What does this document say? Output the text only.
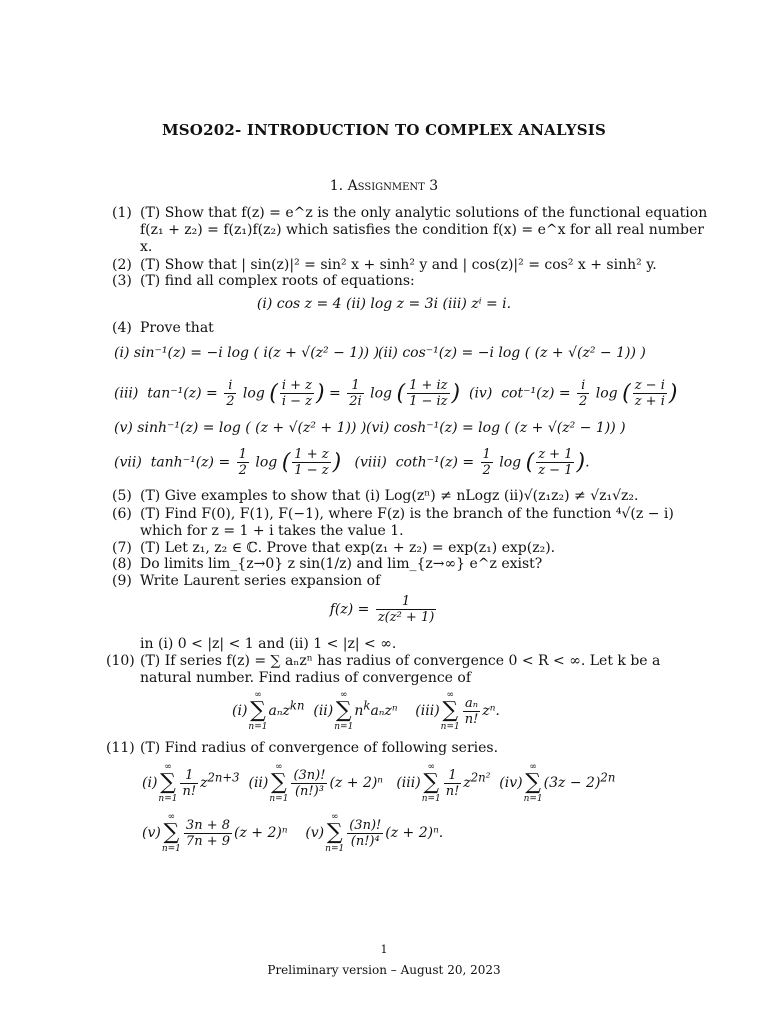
MSO202- INTRODUCTION TO COMPLEX ANALYSIS
1. Assignment 3
(1) (T) Show that f(z) = e^z is the only analytic solutions of the functional equation
f(z₁ + z₂) = f(z₁)f(z₂) which satisfies the condition f(x) = e^x for all real number
x.
(2) (T) Show that | sin(z)|² = sin² x + sinh² y and | cos(z)|² = cos² x + sinh² y.
(3) (T) find all complex roots of equations:
(i) cos z = 4 (ii) log z = 3i (iii) zⁱ = i.
(4) Prove that
(i) sin⁻¹(z) = −i log ( i(z + √(z² − 1)) )
(ii) cos⁻¹(z) = −i log ( (z + √(z² − 1)) )
(iii)  $\tan^{-1}(z) = \frac{i}{2}$ log ( $\frac{i + z}{i - z}$ ) = $\frac{1}{2i}$ log ( $\frac{1 + iz}{1 - iz}$ )  (iv)  $\cot^{-1}(z) = \frac{i}{2}$ log ( $\frac{z - i}{z + i}$ )
(v) sinh⁻¹(z) = log ( (z + √(z² + 1)) ) (vi) cosh⁻¹(z) = log ( (z + √(z² − 1)) )
(vii)  $\tanh^{-1}(z) = \frac{1}{2}$ log ( $\frac{1 + z}{1 - z}$ )   (viii)  $\cot h^{-1}(z) = \frac{1}{2}$ log ( $\frac{z + 1}{z - 1}$ ).
(5) (T) Give examples to show that (i) Log(zⁿ) ≠ nLogz (ii)√(z₁z₂) ≠ √z₁√z₂.
(6) (T) Find F(0), F(1), F(−1), where F(z) is the branch of the function ⁴√(z − i)
which for z = 1 + i takes the value 1.
(7) (T) Let z₁, z₂ ∈ ℂ. Prove that exp(z₁ + z₂) = exp(z₁) exp(z₂).
(8) Do limits lim_{z→0} z sin(1/z) and lim_{z→∞} e^z exist?
(9) Write Laurent series expansion of
$f(z) = \frac{1}{\text{z(z² + 1)}}$
in (i) 0 < |z| < 1 and (ii) 1 < |z| < ∞.
(10) (T) If series f(z) = ∑ aₙzⁿ has radius of convergence 0 < R < ∞. Let k be a
natural number. Find radius of convergence of
(i)
∞
∑
n=1
aₙz$^{kn}$  (ii)
∞
∑
n=1
$n^ka_nz^n$    (iii)
∞
∑
n=1
$\frac{\text{aₙ}}{n!} z^n$.
(11) (T) Find radius of convergence of following series.
(i)
∞
∑
n=1
$\frac{1}{n!} z^{2n+3}$  (ii)
∞
∑
n=1
$\frac{(3n)!}{\text{(n!)³}} (z + 2)^n$   (iii)
∞
∑
n=1
$\frac{1}{n!} z^{2n^2}$  (iv)
∞
∑
n=1
$(3z - 2)^{2n}$
(v)
∞
∑
n=1
$\frac{3n + 8}{7n + 9} (z + 2)^n$    (v)
∞
∑
n=1
$\frac{(3n)!}{\text{(n!)⁴}} (z + 2)^n$.
1
Preliminary version – August 20, 2023
